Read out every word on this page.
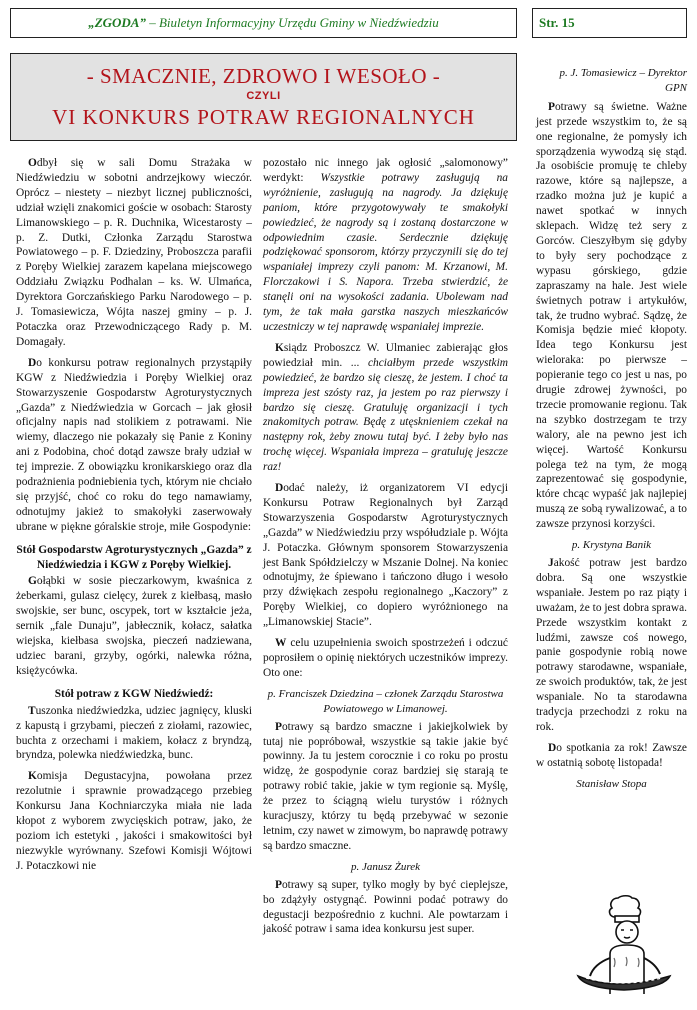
„ZGODA” – Biuletyn Informacyjny Urzędu Gminy w Niedźwiedziu	Str. 15
- SMACZNIE, ZDROWO I WESOŁO -
CZYLI
VI KONKURS POTRAW REGIONALNYCH

Odbył się w sali Domu Strażaka w Niedźwiedziu w sobotni andrzejkowy wieczór. Oprócz – niestety – niezbyt licznej publiczności, udział wzięli znakomici goście w osobach: Starosty Limanowskiego – p. R. Duchnika, Wicestarosty – p. Z. Dutki, Członka Zarządu Starostwa Powiatowego – p. F. Dziedziny, Proboszcza parafii z Poręby Wielkiej zarazem kapelana miejscowego Oddziału Związku Podhalan – ks. W. Ulmańca, Dyrektora Gorczańskiego Parku Narodowego – p. J. Tomasiewicza, Wójta naszej gminy – p. J. Potaczka oraz Przewodniczącego Rady p. M. Domagały.

Do konkursu potraw regionalnych przystąpiły KGW z Niedźwiedzia i Poręby Wielkiej oraz Stowarzyszenie Gospodarstw Agroturystycznych „Gazda” z Niedźwiedzia w Gorcach – jak głosił oficjalny napis nad stolikiem z potrawami. Nie wiemy, dlaczego nie pokazały się Panie z Koniny ani z Podobina, choć dotąd zawsze brały udział w tej imprezie. Z obowiązku kronikarskiego oraz dla podrażnienia podniebienia tych, którym nie chciało się przyjść, choć co roku do tego namawiamy, odnotujmy jakież to smakołyki zaserwowały ubrane w piękne góralskie stroje, miłe Gospodynie:

Stół Gospodarstw Agroturystycznych „Gazda” z Niedźwiedzia i KGW z Poręby Wielkiej.

Gołąbki w sosie pieczarkowym, kwaśnica z żeberkami, gulasz cielęcy, żurek z kiełbasą, masło swojskie, ser bunc, oscypek, tort w kształcie jeża, sernik „fale Dunaju”, jabłecznik, kołacz, sałatka wiejska, kiełbasa swojska, pieczeń nadziewana, udziec barani, grzyby, ogórki, nalewka różna, księżycówka.

Stół potraw z KGW Niedźwiedź:

Tuszonka niedźwiedzka, udziec jagnięcy, kluski z kapustą i grzybami, pieczeń z ziołami, razowiec, buchta z orzechami i makiem, kołacz z bryndzą, bryndza, polewka niedźwiedzka, bunc.

Komisja Degustacyjna, powołana przez rezolutnie i sprawnie prowadzącego przebieg Konkursu Jana Kochniarczyka miała nie lada kłopot z wyborem zwycięskich potraw, jako, że poziom ich estetyki , jakości i smakowitości był niezwykle wyrównany. Szefowi Komisji Wójtowi J. Potaczkowi nie

pozostało nic innego jak ogłosić „salomonowy” werdykt: Wszystkie potrawy zasługują na wyróżnienie, zasługują na nagrody. Ja dziękuję paniom, które przygotowywały te smakołyki powiedzieć, że nagrody są i zostaną dostarczone w odpowiednim czasie. Serdecznie dziękuję podziękować sponsorom, którzy przyczynili się do tej wspaniałej imprezy czyli panom: M. Krzanowi, M. Florczakowi i S. Napora. Trzeba stwierdzić, że stanęli oni na wysokości zadania. Ubolewam nad tym, że tak mała garstka naszych mieszkańców uczestniczy w tej naprawdę wspaniałej imprezie.

Ksiądz Proboszcz W. Ulmaniec zabierając głos powiedział min. ... chciałbym przede wszystkim powiedzieć, że bardzo się cieszę, że jestem. I choć ta impreza jest szósty raz, ja jestem po raz pierwszy i bardzo się cieszę. Gratuluję organizacji i tych znakomitych potraw. Będę z utęsknieniem czekał na następny rok, żeby znowu tutaj być. I żeby było nas trochę więcej. Wspaniała impreza – gratuluję jeszcze raz!

Dodać należy, iż organizatorem VI edycji Konkursu Potraw Regionalnych był Zarząd Stowarzyszenia Gospodarstw Agroturystycznych „Gazda” w Niedźwiedziu przy współudziale p. Wójta J. Potaczka. Głównym sponsorem Stowarzyszenia jest Bank Spółdzielczy w Mszanie Dolnej. Na koniec odnotujmy, że śpiewano i tańczono długo i wesoło przy dźwiękach zespołu regionalnego „Kaczory” z Poręby Wielkiej, co dopiero wyróżnionego na „Limanowskiej Stacie”.

W celu uzupełnienia swoich spostrzeżeń i odczuć poprosiłem o opinię niektórych uczestników imprezy. Oto one:

p. Franciszek Dziedzina – członek Zarządu Starostwa Powiatowego w Limanowej.

Potrawy są bardzo smaczne i jakiejkolwiek by tutaj nie popróbował, wszystkie są takie jakie być powinny. Ja tu jestem corocznie i co roku po prostu widzę, że gospodynie coraz bardziej się starają te potrawy robić takie, jakie w tym regionie są. Myślę, że przez to ściągną wielu turystów i różnych kuracjuszy, którzy tu będą przebywać w sezonie letnim, czy nawet w zimowym, bo naprawdę potrawy są bardzo smaczne.

p. Janusz Żurek

Potrawy są super, tylko mogły by być cieplejsze, bo zdążyły ostygnąć. Powinni podać potrawy do degustacji bezpośrednio z kuchni. Ale powtarzam i jakość potraw i sama idea konkursu jest super.

p. J. Tomasiewicz – Dyrektor GPN

Potrawy są świetne. Ważne jest przede wszystkim to, że są one regionalne, że pomysły ich sporządzenia wywodzą się stąd. Ja osobiście promuję te chleby razowe, które są najlepsze, a rzadko można już je kupić a nawet spotkać w innych sklepach. Widzę też sery z Gorców. Cieszyłbym się gdyby to były sery pochodzące z wypasu górskiego, gdzie zapraszamy na hale. Jest wiele świetnych potraw i artykułów, tak, że trudno wybrać. Sądzę, że Komisja będzie mieć kłopoty. Idea tego Konkursu jest wieloraka: po pierwsze – popieranie tego co jest u nas, po drugie zdrowej żywności, po trzecie promowanie regionu. Tak na szybko dostrzegam te trzy walory, ale na pewno jest ich więcej. Wartość Konkursu polega też na tym, że mogą zaprezentować się gospodynie, które chcąc wypaść jak najlepiej muszą ze sobą rywalizować, a to zawsze przynosi korzyści.

p. Krystyna Banik

Jakość potraw jest bardzo dobra. Są one wszystkie wspaniałe. Jestem po raz piąty i uważam, że to jest dobra sprawa. Przede wszystkim kontakt z ludźmi, zawsze coś nowego, panie gospodynie robią nowe potrawy starodawne, wspaniałe, ze swoich produktów, tak, że jest wspaniale. No ta starodawna tradycja przechodzi z roku na rok.

Do spotkania za rok! Zawsze w ostatnią sobotę listopada!

Stanisław Stopa
